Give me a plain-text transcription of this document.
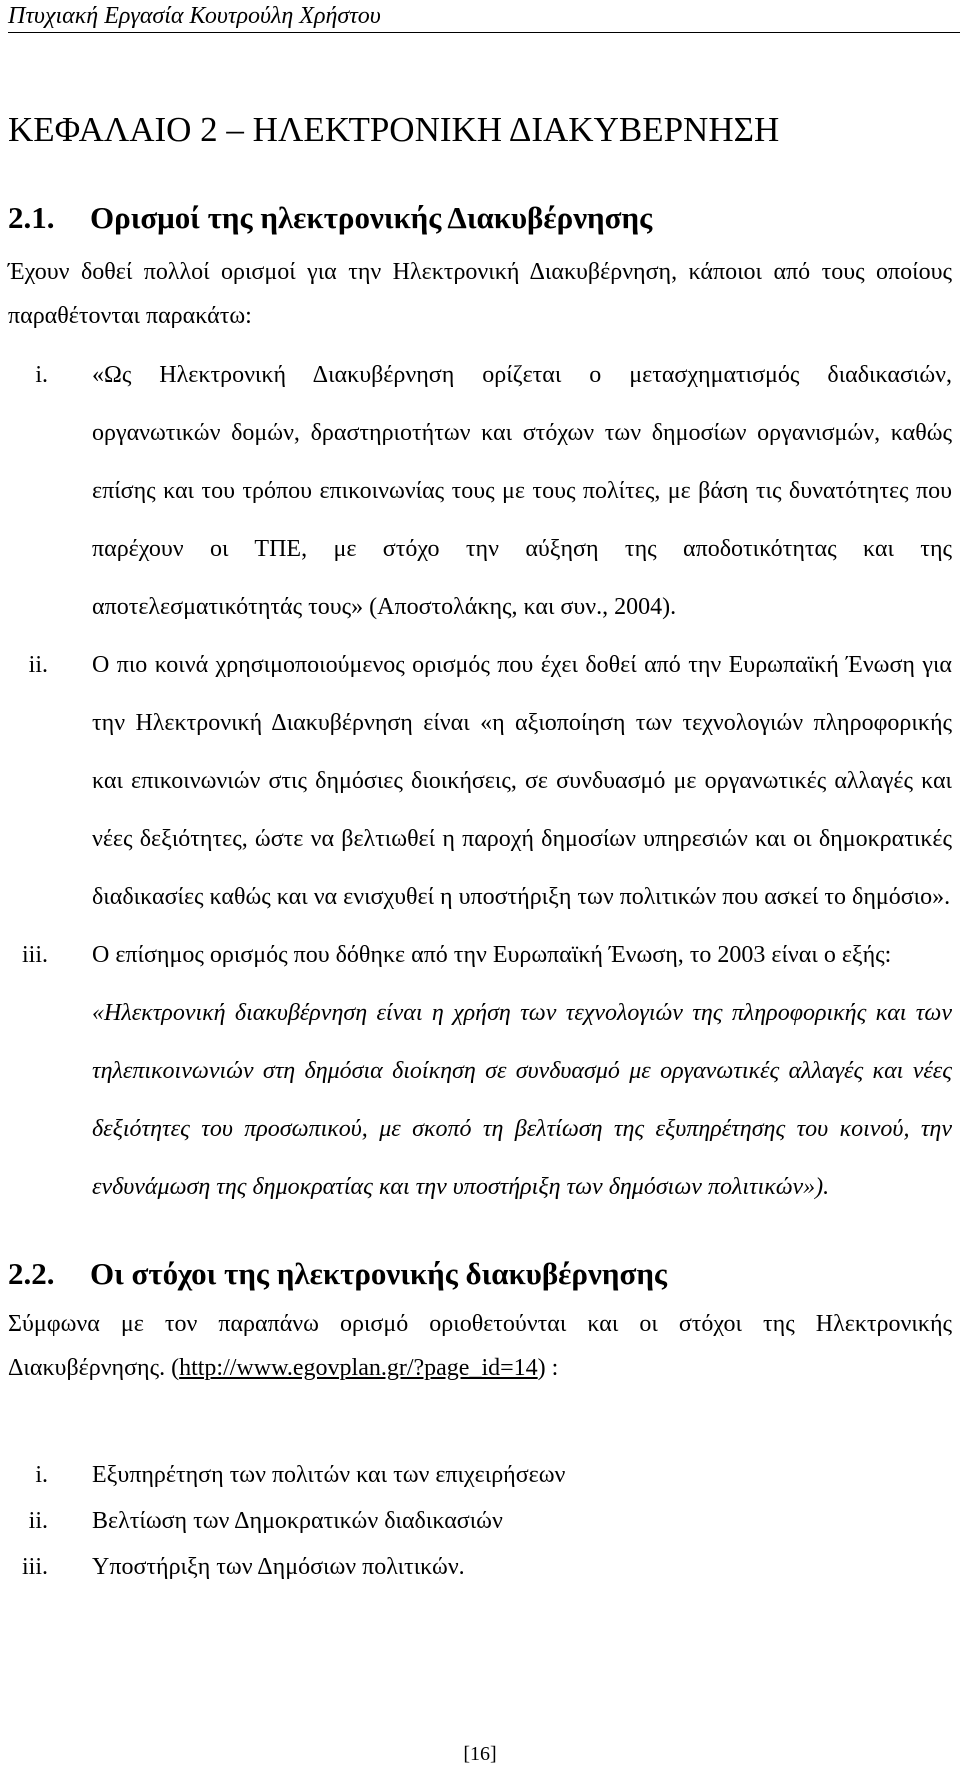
Πτυχιακή Εργασία Κουτρούλη Χρήστου
ΚΕΦΑΛΑΙΟ 2 – ΗΛΕΚΤΡΟΝΙΚΗ ΔΙΑΚΥΒΕΡΝΗΣΗ
2.1. Ορισμοί της ηλεκτρονικής Διακυβέρνησης

Έχουν δοθεί πολλοί ορισμοί για την Ηλεκτρονική Διακυβέρνηση, κάποιοι από τους οποίους παραθέτονται παρακάτω:

i. «Ως Ηλεκτρονική Διακυβέρνηση ορίζεται ο μετασχηματισμός διαδικασιών, οργανωτικών δομών, δραστηριοτήτων και στόχων των δημοσίων οργανισμών, καθώς επίσης και του τρόπου επικοινωνίας τους με τους πολίτες, με βάση τις δυνατότητες που παρέχουν οι ΤΠΕ, με στόχο την αύξηση της αποδοτικότητας και της αποτελεσματικότητάς τους» (Αποστολάκης, και συν., 2004).
ii. Ο πιο κοινά χρησιμοποιούμενος ορισμός που έχει δοθεί από την Ευρωπαϊκή Ένωση για την Ηλεκτρονική Διακυβέρνηση είναι «η αξιοποίηση των τεχνολογιών πληροφορικής και επικοινωνιών στις δημόσιες διοικήσεις, σε συνδυασμό με οργανωτικές αλλαγές και νέες δεξιότητες, ώστε να βελτιωθεί η παροχή δημοσίων υπηρεσιών και οι δημοκρατικές διαδικασίες καθώς και να ενισχυθεί η υποστήριξη των πολιτικών που ασκεί το δημόσιο».
iii. Ο επίσημος ορισμός που δόθηκε από την Ευρωπαϊκή Ένωση, το 2003 είναι ο εξής:
«Ηλεκτρονική διακυβέρνηση είναι η χρήση των τεχνολογιών της πληροφορικής και των τηλεπικοινωνιών στη δημόσια διοίκηση σε συνδυασμό με οργανωτικές αλλαγές και νέες δεξιότητες του προσωπικού, με σκοπό τη βελτίωση της εξυπηρέτησης του κοινού, την ενδυνάμωση της δημοκρατίας και την υποστήριξη των δημόσιων πολιτικών»).
2.2. Οι στόχοι της ηλεκτρονικής διακυβέρνησης

Σύμφωνα με τον παραπάνω ορισμό οριοθετούνται και οι στόχοι της Ηλεκτρονικής Διακυβέρνησης. (http://www.egovplan.gr/?page_id=14) :

i. Εξυπηρέτηση των πολιτών και των επιχειρήσεων
ii. Βελτίωση των Δημοκρατικών διαδικασιών
iii. Υποστήριξη των Δημόσιων πολιτικών.
[16]
